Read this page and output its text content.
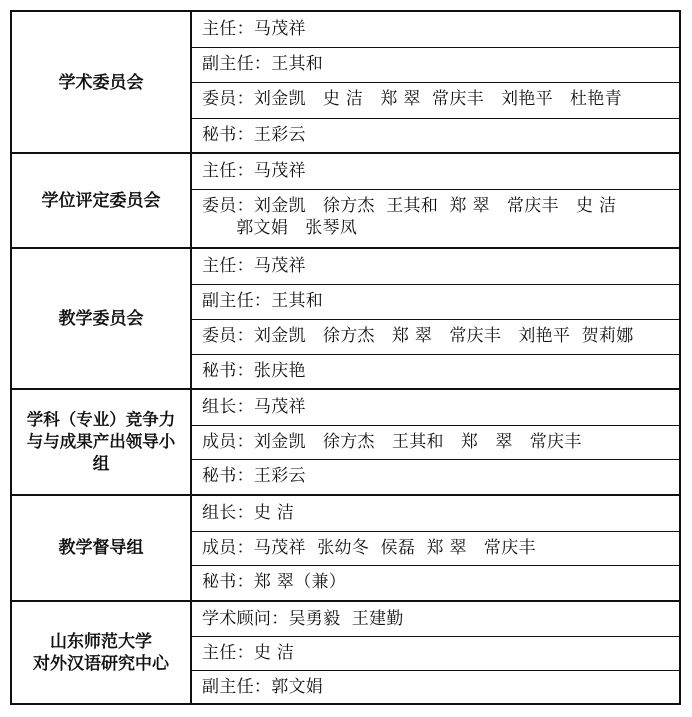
学术委员会
主任：马茂祥
副主任：王其和
委员：刘金凯   史 洁   郑 翠  常庆丰   刘艳平   杜艳青
秘书：王彩云
学位评定委员会
主任：马茂祥
委员：刘金凯   徐方杰  王其和  郑 翠   常庆丰   史 洁
郭文娟   张琴凤
教学委员会
主任：马茂祥
副主任：王其和
委员：刘金凯   徐方杰   郑 翠   常庆丰   刘艳平  贺莉娜
秘书：张庆艳
学科（专业）竞争力
与与成果产出领导小
组
组长：马茂祥
成员：刘金凯   徐方杰   王其和   郑   翠   常庆丰
秘书：王彩云
教学督导组
组长：史 洁
成员：马茂祥  张幼冬  侯磊  郑 翠   常庆丰
秘书：郑 翠（兼）
山东师范大学
对外汉语研究中心
学术顾问：吴勇毅  王建勤
主任：史 洁
副主任：郭文娟
